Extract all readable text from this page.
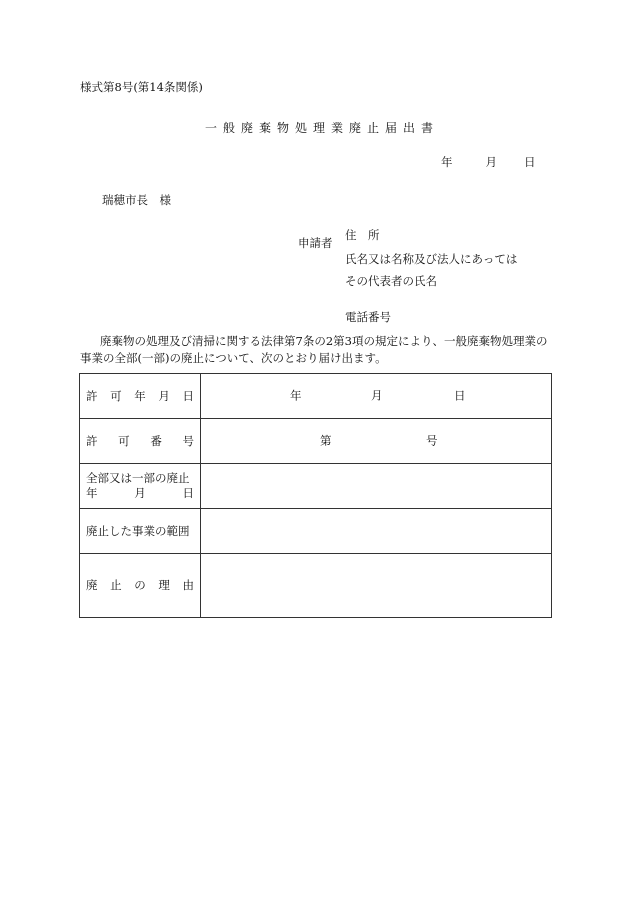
様式第8号(第14条関係)
一般廃棄物処理業廃止届出書
年	月 日
瑞穂市長　様
申請者
住　所
氏名又は名称及び法人にあっては
その代表者の氏名
電話番号
廃棄物の処理及び清掃に関する法律第7条の2第3項の規定により、一般廃棄物処理業の
事業の全部(一部)の廃止について、次のとおり届け出ます。
許 可 年 月 日	年 月 日

許 可 番 号	第 号

全部又は一部の廃止
年 月 日	

廃止した事業の範囲	

廃 止 の 理 由	
